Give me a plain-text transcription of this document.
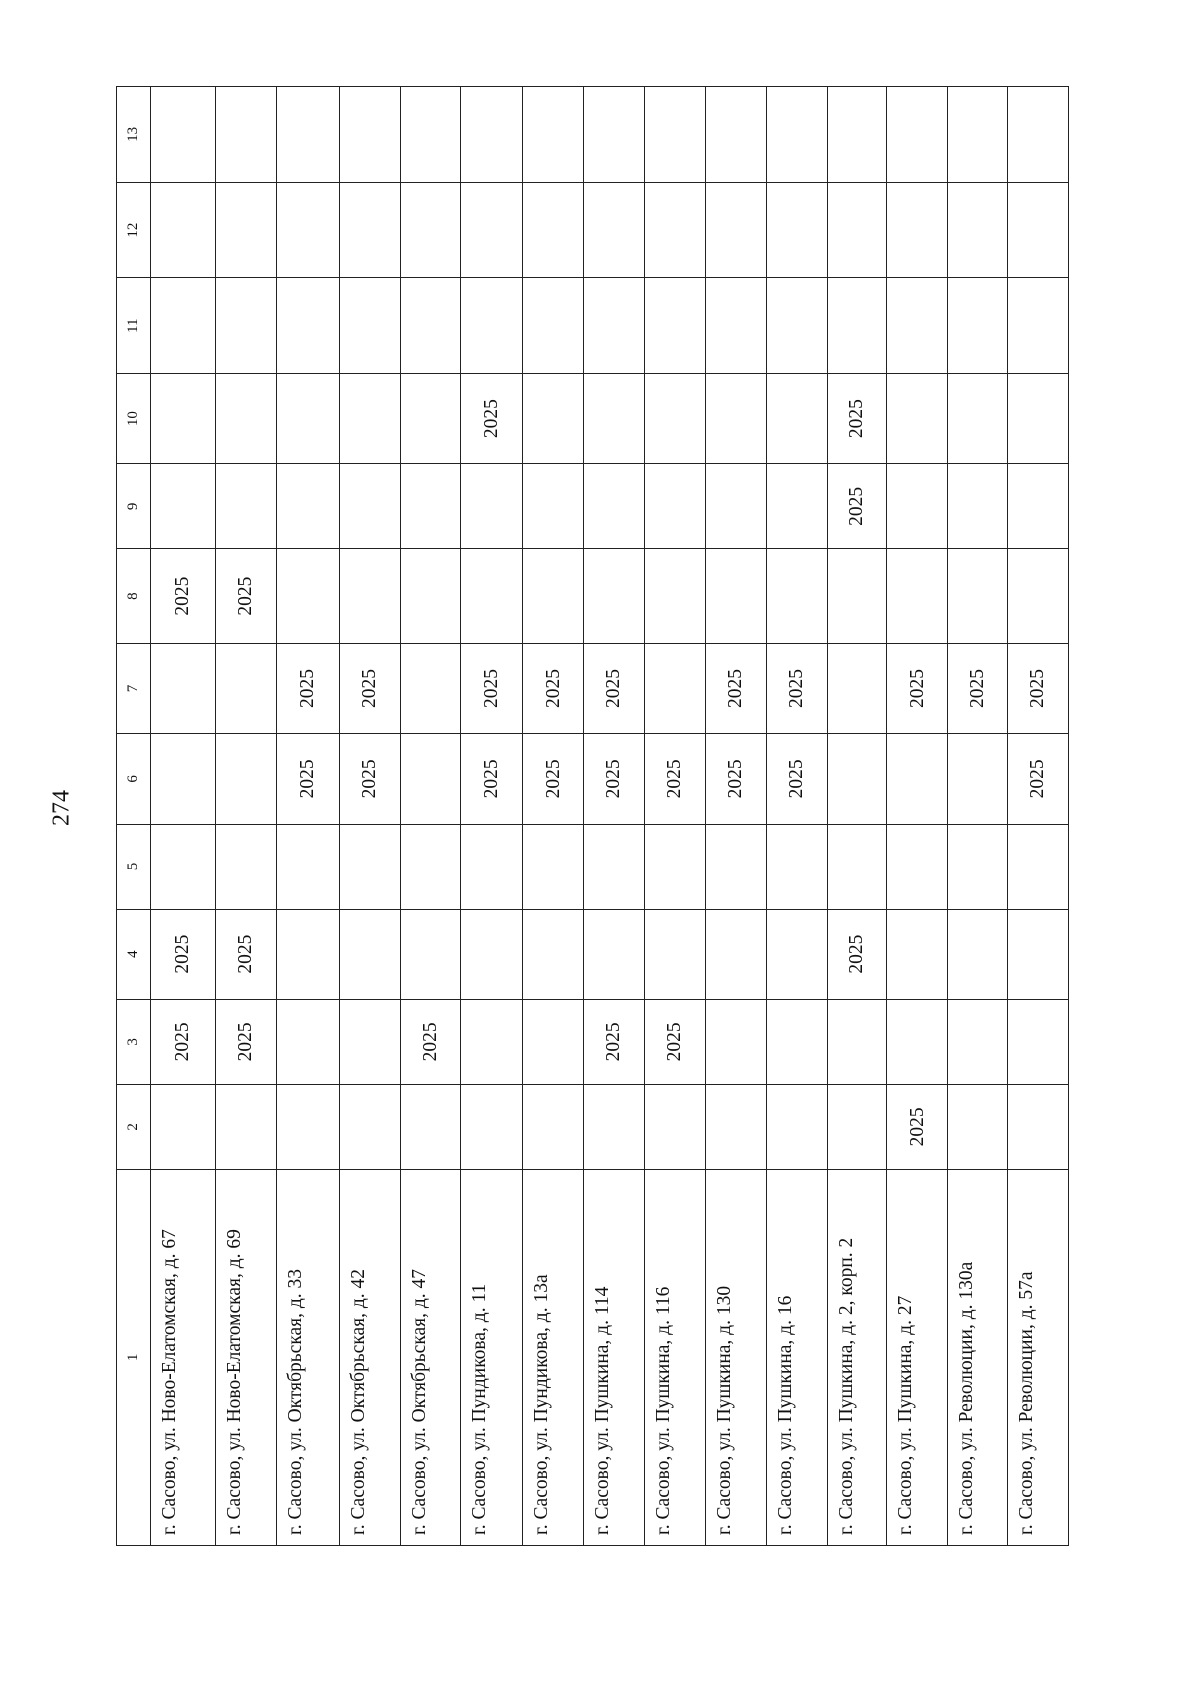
274
1	2	3	4	5	6	7	8	9	10	11	12	13
г. Сасово, ул. Ново-Елатомская, д. 67		2025	2025				2025					
г. Сасово, ул. Ново-Елатомская, д. 69		2025	2025				2025					
г. Сасово, ул. Октябрьская, д. 33					2025	2025						
г. Сасово, ул. Октябрьская, д. 42					2025	2025						
г. Сасово, ул. Октябрьская, д. 47		2025										
г. Сасово, ул. Пундикова, д. 11					2025	2025			2025			
г. Сасово, ул. Пундикова, д. 13а					2025	2025						
г. Сасово, ул. Пушкина, д. 114		2025			2025	2025						
г. Сасово, ул. Пушкина, д. 116		2025			2025							
г. Сасово, ул. Пушкина, д. 130					2025	2025						
г. Сасово, ул. Пушкина, д. 16					2025	2025						
г. Сасово, ул. Пушкина, д. 2, корп. 2			2025					2025	2025			
г. Сасово, ул. Пушкина, д. 27	2025					2025						
г. Сасово, ул. Революции, д. 130а						2025						
г. Сасово, ул. Революции, д. 57а					2025	2025						
